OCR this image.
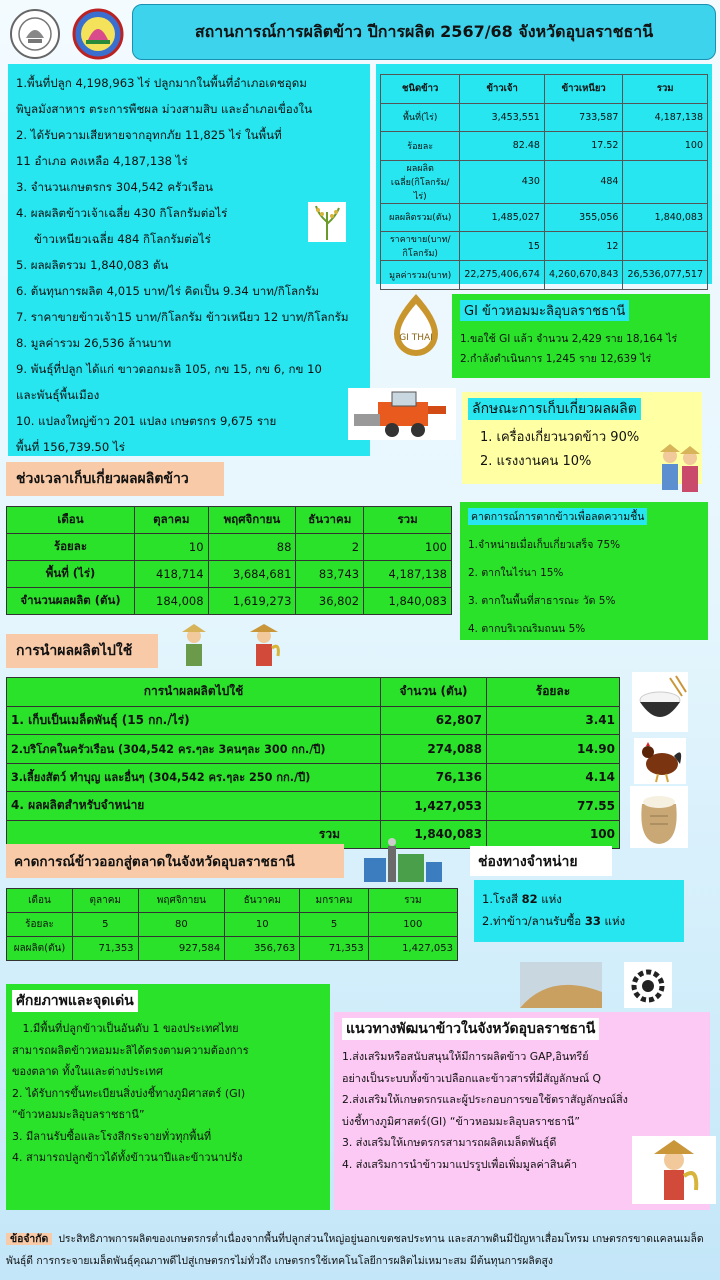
สถานการณ์การผลิตข้าว ปีการผลิต 2567/68 จังหวัดอุบลราชธานี
1.พื้นที่ปลูก 4,198,963 ไร่ ปลูกมากในพื้นที่อำเภอเดชอุดม
พิบูลมังสาหาร ตระการพืชผล ม่วงสามสิบ และอำเภอเขื่องใน
2. ได้รับความเสียหายจากอุทกภัย 11,825 ไร่ ในพื้นที่
11 อำเภอ คงเหลือ 4,187,138 ไร่
3. จำนวนเกษตรกร 304,542 ครัวเรือน
4. ผลผลิตข้าวเจ้าเฉลี่ย 430 กิโลกรัมต่อไร่
ข้าวเหนียวเฉลี่ย 484 กิโลกรัมต่อไร่
5. ผลผลิตรวม 1,840,083 ตัน
6. ต้นทุนการผลิต 4,015 บาท/ไร่ คิดเป็น 9.34 บาท/กิโลกรัม
7. ราคาขายข้าวเจ้า15 บาท/กิโลกรัม ข้าวเหนียว 12 บาท/กิโลกรัม
8. มูลค่ารวม 26,536 ล้านบาท
9. พันธุ์ที่ปลูก ได้แก่ ขาวดอกมะลิ 105, กข 15, กข 6, กข 10
และพันธุ์พื้นเมือง
10. แปลงใหญ่ข้าว 201 แปลง เกษตรกร 9,675 ราย
พื้นที่ 156,739.50 ไร่
ชนิดข้าว	ข้าวเจ้า	ข้าวเหนียว	รวม
พื้นที่(ไร่)	3,453,551	733,587	4,187,138
ร้อยละ	82.48	17.52	100
ผลผลิตเฉลี่ย(กิโลกรัม/ไร่)	430	484	
ผลผลิตรวม(ตัน)	1,485,027	355,056	1,840,083
ราคาขาย(บาท/กิโลกรัม)	15	12	
มูลค่ารวม(บาท)	22,275,406,674	4,260,670,843	26,536,077,517
GI THAI
GI ข้าวหอมมะลิอุบลราชธานี
1.ขอใช้ GI แล้ว จำนวน 2,429 ราย 18,164 ไร่
2.กำลังดำเนินการ 1,245 ราย 12,639 ไร่
ลักษณะการเก็บเกี่ยวผลผลิต
1. เครื่องเกี่ยวนวดข้าว 90%
2. แรงงานคน 10%
ช่วงเวลาเก็บเกี่ยวผลผลิตข้าว
เดือน	ตุลาคม	พฤศจิกายน	ธันวาคม	รวม
ร้อยละ	10	88	2	100
พื้นที่ (ไร่)	418,714	3,684,681	83,743	4,187,138
จำนวนผลผลิต (ตัน)	184,008	1,619,273	36,802	1,840,083
คาดการณ์การตากข้าวเพื่อลดความชื้น
1.จำหน่ายเมื่อเก็บเกี่ยวเสร็จ 75%
2. ตากในไร่นา 15%
3. ตากในพื้นที่สาธารณะ วัด 5%
4. ตากบริเวณริมถนน 5%
การนำผลผลิตไปใช้
การนำผลผลิตไปใช้	จำนวน (ตัน)	ร้อยละ
1. เก็บเป็นเมล็ดพันธุ์ (15 กก./ไร่)	62,807	3.41
2.บริโภคในครัวเรือน (304,542 คร.ๆละ 3คนๆละ 300 กก./ปี)	274,088	14.90
3.เลี้ยงสัตว์ ทำบุญ และอื่นๆ (304,542 คร.ๆละ 250 กก./ปี)	76,136	4.14
4. ผลผลิตสำหรับจำหน่าย	1,427,053	77.55
รวม	1,840,083	100
คาดการณ์ข้าวออกสู่ตลาดในจังหวัดอุบลราชธานี
เดือน	ตุลาคม	พฤศจิกายน	ธันวาคม	มกราคม	รวม
ร้อยละ	5	80	10	5	100
ผลผลิต(ตัน)	71,353	927,584	356,763	71,353	1,427,053
ช่องทางจำหน่าย
1.โรงสี 82 แห่ง
2.ท่าข้าว/ลานรับซื้อ 33 แห่ง
ศักยภาพและจุดเด่น
1.มีพื้นที่ปลูกข้าวเป็นอันดับ 1 ของประเทศไทย
สามารถผลิตข้าวหอมมะลิได้ตรงตามความต้องการ
ของตลาด ทั้งในและต่างประเทศ
2. ได้รับการขึ้นทะเบียนสิ่งบ่งชี้ทางภูมิศาสตร์ (GI)
“ข้าวหอมมะลิอุบลราชธานี”
3. มีลานรับซื้อและโรงสีกระจายทั่วทุกพื้นที่
4. สามารถปลูกข้าวได้ทั้งข้าวนาปีและข้าวนาปรัง
แนวทางพัฒนาข้าวในจังหวัดอุบลราชธานี
1.ส่งเสริมหรือสนับสนุนให้มีการผลิตข้าว GAP,อินทรีย์
อย่างเป็นระบบทั้งข้าวเปลือกและข้าวสารที่มีสัญลักษณ์ Q
2.ส่งเสริมให้เกษตรกรและผู้ประกอบการขอใช้ตราสัญลักษณ์สิ่ง
บ่งชี้ทางภูมิศาสตร์(GI) “ข้าวหอมมะลิอุบลราชธานี”
3. ส่งเสริมให้เกษตรกรสามารถผลิตเมล็ดพันธุ์ดี
4. ส่งเสริมการนำข้าวมาแปรรูปเพื่อเพิ่มมูลค่าสินค้า
ข้อจำกัด ประสิทธิภาพการผลิตของเกษตรกรต่ำเนื่องจากพื้นที่ปลูกส่วนใหญ่อยู่นอกเขตชลประทาน และสภาพดินมีปัญหาเสื่อมโทรม เกษตรกรขาดแคลนเมล็ดพันธุ์ดี การกระจายเมล็ดพันธุ์คุณภาพดีไปสู่เกษตรกรไม่ทั่วถึง เกษตรกรใช้เทคโนโลยีการผลิตไม่เหมาะสม มีต้นทุนการผลิตสูง
